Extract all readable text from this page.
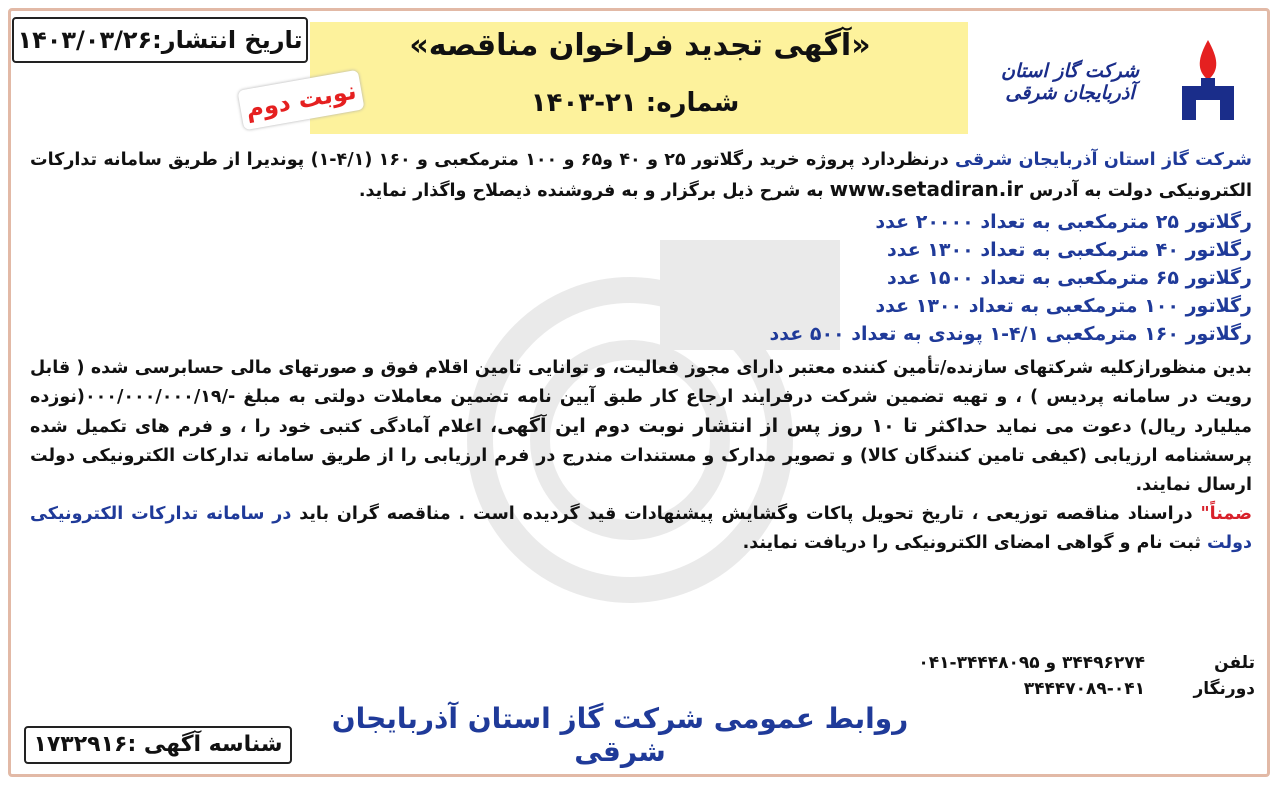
تاریخ انتشار:۱۴۰۳/۰۳/۲۶
نوبت دوم
«آگهی تجدید فراخوان مناقصه»
شماره: ۲۱-۱۴۰۳
شرکت گاز استان آذربایجان شرقی

شرکت گاز استان آذربایجان شرقی درنظردارد پروژه خرید رگلاتور ۲۵ و ۴۰ و۶۵ و ۱۰۰ مترمکعبی و ۱۶۰ (۴/۱-۱) پوندیرا از طریق سامانه تدارکات الکترونیکی دولت به آدرس www.setadiran.ir به شرح ذیل برگزار و به فروشنده ذیصلاح واگذار نماید.

رگلاتور ۲۵ مترمکعبی به تعداد ۲۰۰۰۰ عدد
رگلاتور ۴۰ مترمکعبی به تعداد ۱۳۰۰ عدد
رگلاتور ۶۵ مترمکعبی به تعداد ۱۵۰۰ عدد
رگلاتور ۱۰۰ مترمکعبی به تعداد ۱۳۰۰ عدد
رگلاتور ۱۶۰ مترمکعبی ۴/۱-۱ پوندی به تعداد ۵۰۰ عدد

بدین منظورازکلیه شرکتهای سازنده/تأمین کننده معتبر دارای مجوز فعالیت، و توانایی تامین اقلام فوق و صورتهای مالی حسابرسی شده ( قابل رویت در سامانه پردیس ) ، و تهیه تضمین شرکت درفرایند ارجاع کار طبق آیین نامه تضمین معاملات دولتی به مبلغ -/۰۰۰/۰۰۰/۰۰۰/۱۹(نوزده میلیارد ریال) دعوت می نماید حداکثر تا ۱۰ روز پس از انتشار نوبت دوم این آگهی، اعلام آمادگی کتبی خود را ، و فرم های تکمیل شده پرسشنامه ارزیابی (کیفی تامین کنندگان کالا) و تصویر مدارک و مستندات مندرج در فرم ارزیابی را از طریق سامانه تدارکات الکترونیکی دولت ارسال نمایند.

ضمناً" دراسناد مناقصه توزیعی ، تاریخ تحویل پاکات وگشایش پیشنهادات قید گردیده است . مناقصه گران باید در سامانه تدارکات الکترونیکی دولت ثبت نام و گواهی امضای الکترونیکی را دریافت نمایند.

تلفن۳۴۴۹۶۲۷۴ و ۳۴۴۴۸۰۹۵-۰۴۱
دورنگار۳۴۴۴۷۰۸۹-۰۴۱
روابط عمومی شرکت گاز استان آذربایجان شرقی
شناسه آگهی :۱۷۳۲۹۱۶
